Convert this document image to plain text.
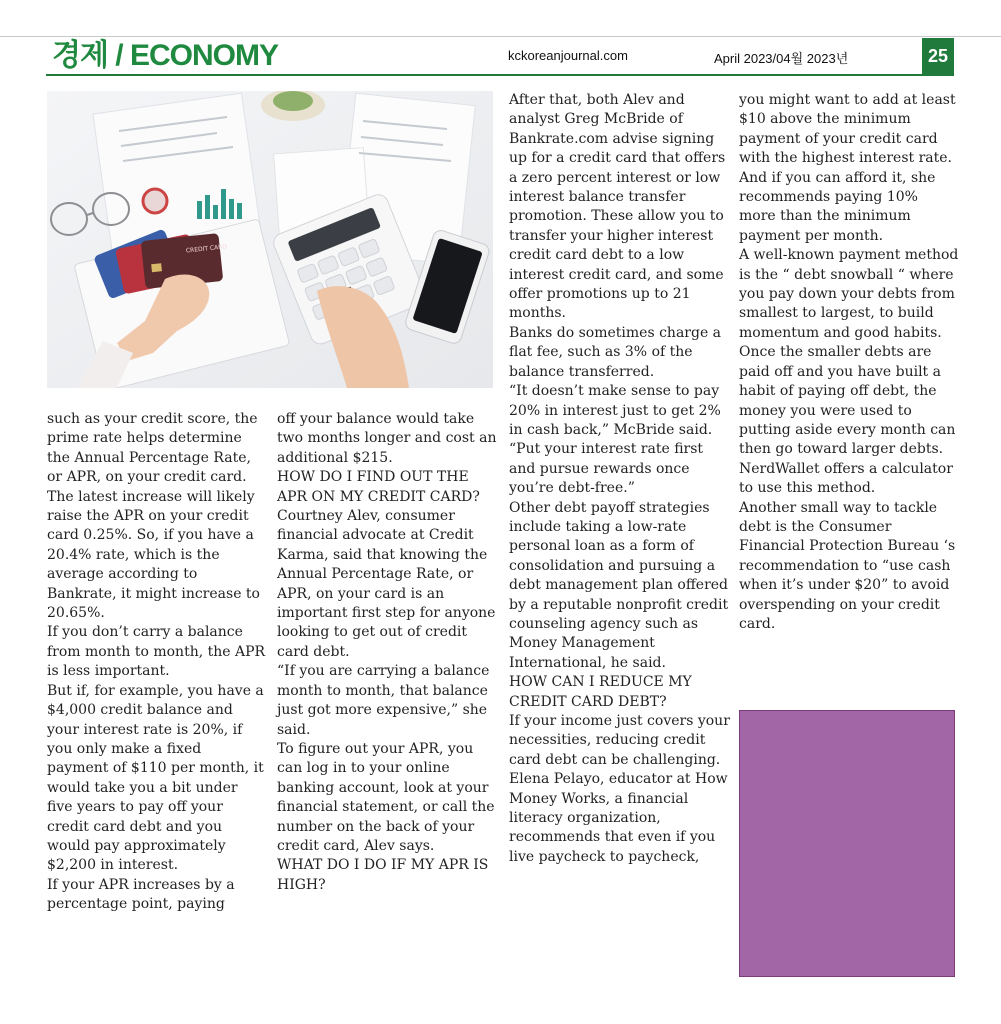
경제 / ECONOMY	kckoreanjournal.com	April 2023/04월 2023년	25
CREDIT CARD

such as your credit score, the prime rate helps determine the Annual Percentage Rate, or APR, on your credit card.

The latest increase will likely raise the APR on your credit card 0.25%. So, if you have a 20.4% rate, which is the average according to Bankrate, it might increase to 20.65%.

If you don’t carry a balance from month to month, the APR is less important.

But if, for example, you have a $4,000 credit balance and your interest rate is 20%, if you only make a fixed payment of $110 per month, it would take you a bit under five years to pay off your credit card debt and you would pay approximately $2,200 in interest.

If your APR increases by a percentage point, paying

off your balance would take two months longer and cost an additional $215.

HOW DO I FIND OUT THE APR ON MY CREDIT CARD?

Courtney Alev, consumer financial advocate at Credit Karma, said that knowing the Annual Percentage Rate, or APR, on your card is an important first step for anyone looking to get out of credit card debt.

“If you are carrying a balance month to month, that balance just got more expensive,” she said.

To figure out your APR, you can log in to your online banking account, look at your financial statement, or call the number on the back of your credit card, Alev says.

WHAT DO I DO IF MY APR IS HIGH?

After that, both Alev and analyst Greg McBride of Bankrate.com advise signing up for a credit card that offers a zero percent interest or low interest balance transfer promotion. These allow you to transfer your higher interest credit card debt to a low interest credit card, and some offer promotions up to 21 months.

Banks do sometimes charge a flat fee, such as 3% of the balance transferred.

“It doesn’t make sense to pay 20% in interest just to get 2% in cash back,” McBride said. “Put your interest rate first and pursue rewards once you’re debt-free.”

Other debt payoff strategies include taking a low-rate personal loan as a form of consolidation and pursuing a debt management plan offered by a reputable nonprofit credit counseling agency such as Money Management International, he said.

HOW CAN I REDUCE MY CREDIT CARD DEBT?

If your income just covers your necessities, reducing credit card debt can be challenging. Elena Pelayo, educator at How Money Works, a financial literacy organization, recommends that even if you live paycheck to paycheck,

you might want to add at least $10 above the minimum payment of your credit card with the highest interest rate.

And if you can afford it, she recommends paying 10% more than the minimum payment per month.

A well-known payment method is the “ debt snowball “ where you pay down your debts from smallest to largest, to build momentum and good habits. Once the smaller debts are paid off and you have built a habit of paying off debt, the money you were used to putting aside every month can then go toward larger debts. NerdWallet offers a calculator to use this method.

Another small way to tackle debt is the Consumer Financial Protection Bureau ‘s recommendation to “use cash when it’s under $20” to avoid overspending on your credit card.
